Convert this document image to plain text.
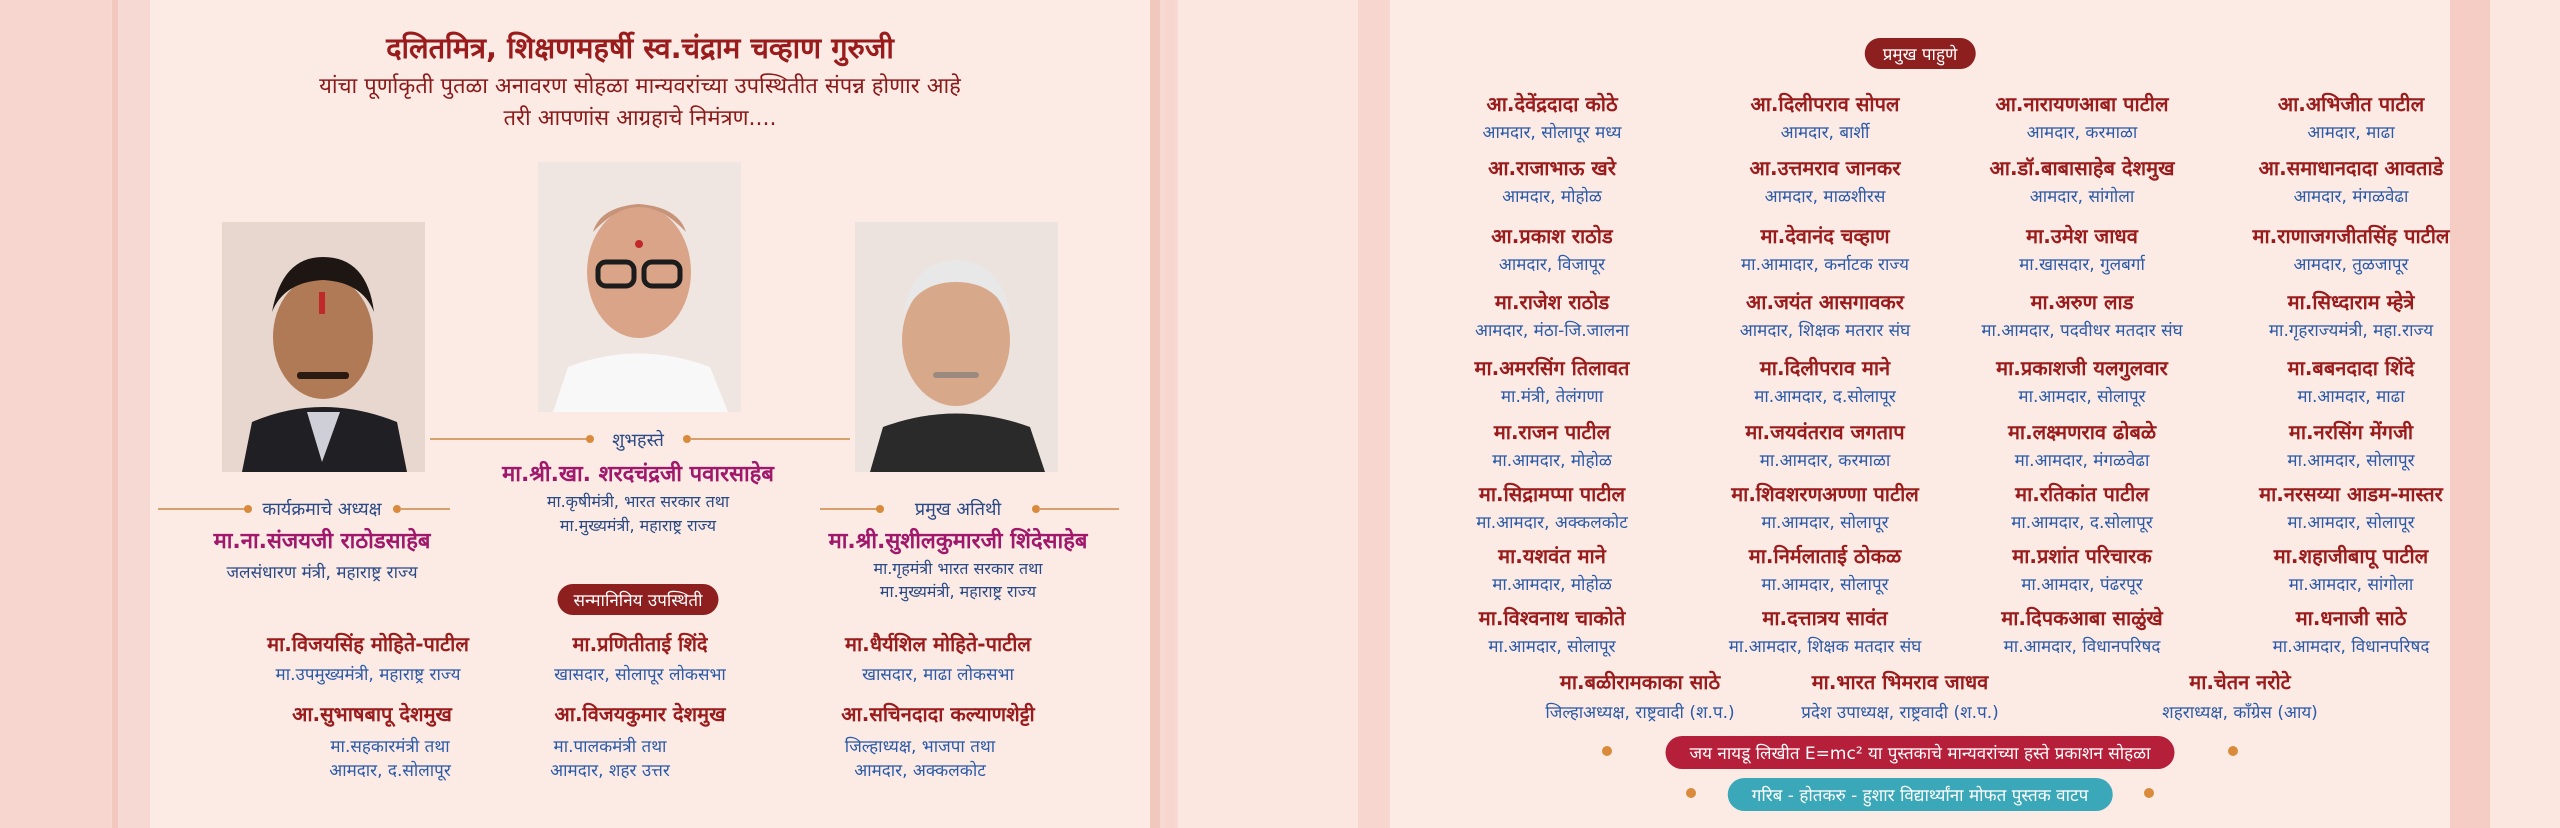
दलितमित्र, शिक्षणमहर्षी स्व.चंद्राम चव्हाण गुरुजी
यांचा पूर्णाकृती पुतळा अनावरण सोहळा मान्यवरांच्या उपस्थितीत संपन्न होणार आहे
तरी आपणांस आग्रहाचे निमंत्रण....
शुभहस्ते
मा.श्री.खा. शरदचंद्रजी पवारसाहेब
मा.कृषीमंत्री, भारत सरकार तथा
मा.मुख्यमंत्री, महाराष्ट्र राज्य
कार्यक्रमाचे अध्यक्ष
मा.ना.संजयजी राठोडसाहेब
जलसंधारण मंत्री, महाराष्ट्र राज्य
प्रमुख अतिथी
मा.श्री.सुशीलकुमारजी शिंदेसाहेब
मा.गृहमंत्री भारत सरकार तथा
मा.मुख्यमंत्री, महाराष्ट्र राज्य
सन्मानिनिय उपस्थिती
मा.विजयसिंह मोहिते-पाटील
मा.उपमुख्यमंत्री, महाराष्ट्र राज्य
मा.प्रणितीताई शिंदे
खासदार, सोलापूर लोकसभा
मा.धैर्यशिल मोहिते-पाटील
खासदार, माढा लोकसभा
आ.सुभाषबापू देशमुख
मा.सहकारमंत्री तथा
आमदार, द.सोलापूर
आ.विजयकुमार देशमुख
मा.पालकमंत्री तथा
आमदार, शहर उत्तर
आ.सचिनदादा कल्याणशेट्टी
जिल्हाध्यक्ष, भाजपा तथा
आमदार, अक्कलकोट
प्रमुख पाहुणे
आ.देवेंद्रदादा कोठे
आमदार, सोलापूर मध्य
आ.दिलीपराव सोपल
आमदार, बार्शी
आ.नारायणआबा पाटील
आमदार, करमाळा
आ.अभिजीत पाटील
आमदार, माढा
आ.राजाभाऊ खरे
आमदार, मोहोळ
आ.उत्तमराव जानकर
आमदार, माळशीरस
आ.डॉ.बाबासाहेब देशमुख
आमदार, सांगोला
आ.समाधानदादा आवताडे
आमदार, मंगळवेढा
आ.प्रकाश राठोड
आमदार, विजापूर
मा.देवानंद चव्हाण
मा.आमादार, कर्नाटक राज्य
मा.उमेश जाधव
मा.खासदार, गुलबर्गा
मा.राणाजगजीतसिंह पाटील
आमदार, तुळजापूर
मा.राजेश राठोड
आमदार, मंठा-जि.जालना
आ.जयंत आसगावकर
आमदार, शिक्षक मतरार संघ
मा.अरुण लाड
मा.आमदार, पदवीधर मतदार संघ
मा.सिध्दाराम म्हेत्रे
मा.गृहराज्यमंत्री, महा.राज्य
मा.अमरसिंग तिलावत
मा.मंत्री, तेलंगणा
मा.दिलीपराव माने
मा.आमदार, द.सोलापूर
मा.प्रकाशजी यलगुलवार
मा.आमदार, सोलापूर
मा.बबनदादा शिंदे
मा.आमदार, माढा
मा.राजन पाटील
मा.आमदार, मोहोळ
मा.जयवंतराव जगताप
मा.आमदार, करमाळा
मा.लक्ष्मणराव ढोबळे
मा.आमदार, मंगळवेढा
मा.नरसिंग मेंगजी
मा.आमदार, सोलापूर
मा.सिद्रामप्पा पाटील
मा.आमदार, अक्कलकोट
मा.शिवशरणअण्णा पाटील
मा.आमदार, सोलापूर
मा.रतिकांत पाटील
मा.आमदार, द.सोलापूर
मा.नरसय्या आडम-मास्तर
मा.आमदार, सोलापूर
मा.यशवंत माने
मा.आमदार, मोहोळ
मा.निर्मलाताई ठोकळ
मा.आमदार, सोलापूर
मा.प्रशांत परिचारक
मा.आमदार, पंढरपूर
मा.शहाजीबापू पाटील
मा.आमदार, सांगोला
मा.विश्वनाथ चाकोते
मा.आमदार, सोलापूर
मा.दत्तात्रय सावंत
मा.आमदार, शिक्षक मतदार संघ
मा.दिपकआबा साळुंखे
मा.आमदार, विधानपरिषद
मा.धनाजी साठे
मा.आमदार, विधानपरिषद
मा.बळीरामकाका साठे
जिल्हाअध्यक्ष, राष्ट्रवादी (श.प.)
मा.भारत भिमराव जाधव
प्रदेश उपाध्यक्ष, राष्ट्रवादी (श.प.)
मा.चेतन नरोटे
शहराध्यक्ष, काँग्रेस (आय)
जय नायडू लिखीत E=mc² या पुस्तकाचे मान्यवरांच्या हस्ते प्रकाशन सोहळा
गरिब - होतकरु - हुशार विद्यार्थ्यांना मोफत पुस्तक वाटप
